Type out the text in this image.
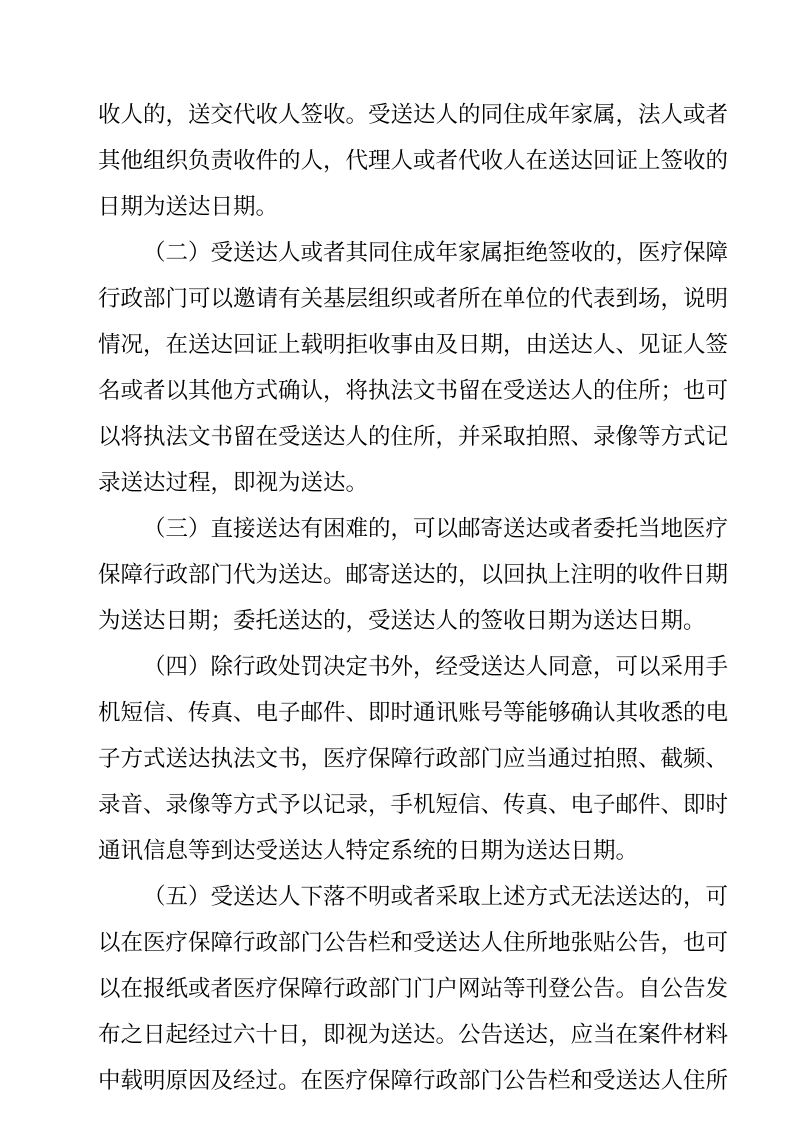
收人的，送交代收人签收。受送达人的同住成年家属，法人或者
其他组织负责收件的人，代理人或者代收人在送达回证上签收的
日期为送达日期。
（二）受送达人或者其同住成年家属拒绝签收的，医疗保障
行政部门可以邀请有关基层组织或者所在单位的代表到场，说明
情况，在送达回证上载明拒收事由及日期，由送达人、见证人签
名或者以其他方式确认，将执法文书留在受送达人的住所；也可
以将执法文书留在受送达人的住所，并采取拍照、录像等方式记
录送达过程，即视为送达。
（三）直接送达有困难的，可以邮寄送达或者委托当地医疗
保障行政部门代为送达。邮寄送达的，以回执上注明的收件日期
为送达日期；委托送达的，受送达人的签收日期为送达日期。
（四）除行政处罚决定书外，经受送达人同意，可以采用手
机短信、传真、电子邮件、即时通讯账号等能够确认其收悉的电
子方式送达执法文书，医疗保障行政部门应当通过拍照、截频、
录音、录像等方式予以记录，手机短信、传真、电子邮件、即时
通讯信息等到达受送达人特定系统的日期为送达日期。
（五）受送达人下落不明或者采取上述方式无法送达的，可
以在医疗保障行政部门公告栏和受送达人住所地张贴公告，也可
以在报纸或者医疗保障行政部门门户网站等刊登公告。自公告发
布之日起经过六十日，即视为送达。公告送达，应当在案件材料
中载明原因及经过。在医疗保障行政部门公告栏和受送达人住所
